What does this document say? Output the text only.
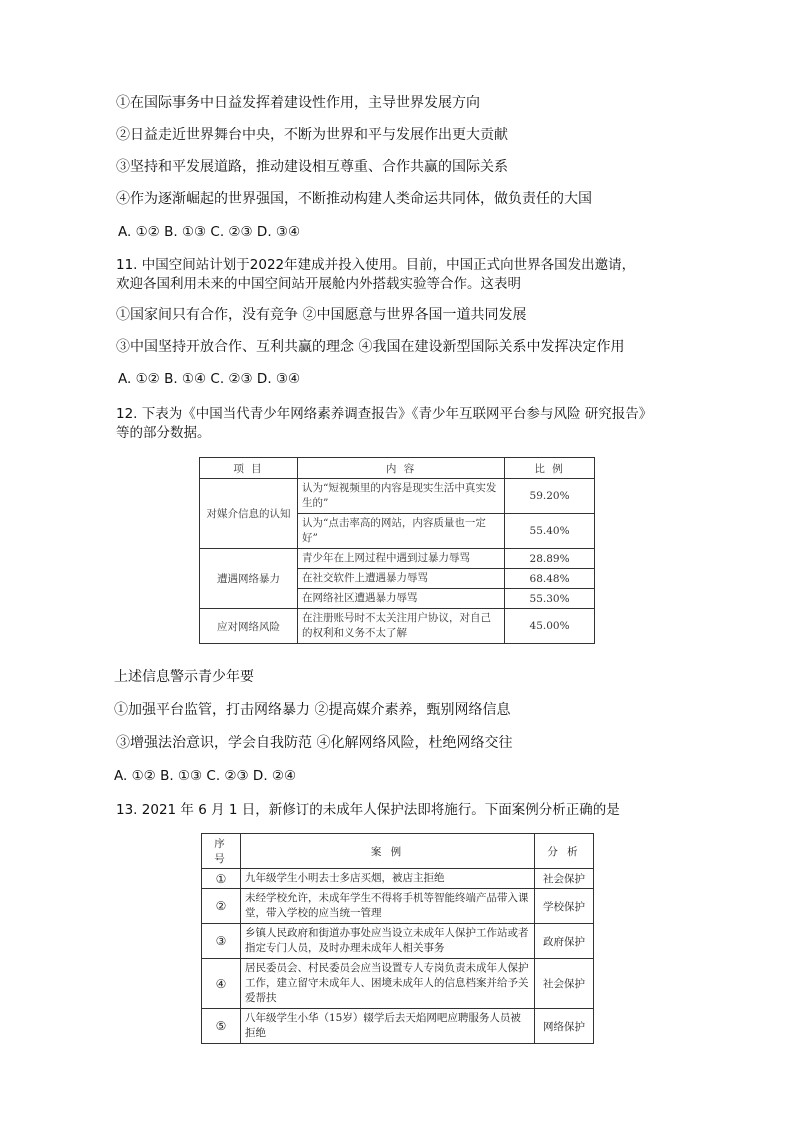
①在国际事务中日益发挥着建设性作用，主导世界发展方向
②日益走近世界舞台中央，不断为世界和平与发展作出更大贡献
③坚持和平发展道路，推动建设相互尊重、合作共赢的国际关系
④作为逐渐崛起的世界强国，不断推动构建人类命运共同体，做负责任的大国
A. ①② B. ①③ C. ②③ D. ③④
11. 中国空间站计划于2022年建成并投入使用。目前，中国正式向世界各国发出邀请，
欢迎各国利用未来的中国空间站开展舱内外搭载实验等合作。这表明
①国家间只有合作，没有竞争 ②中国愿意与世界各国一道共同发展
③中国坚持开放合作、互利共赢的理念 ④我国在建设新型国际关系中发挥决定作用
A. ①② B. ①④ C. ②③ D. ③④
12. 下表为《中国当代青少年网络素养调查报告》《青少年互联网平台参与风险 研究报告》
等的部分数据。
项 目	内 容	比 例
对媒介信息的认知	认为“短视频里的内容是现实生活中真实发生的”	59.20%
	认为“点击率高的网站，内容质量也一定好”	55.40%
遭遇网络暴力	青少年在上网过程中遇到过暴力辱骂	28.89%
	在社交软件上遭遇暴力辱骂	68.48%
	在网络社区遭遇暴力辱骂	55.30%
应对网络风险	在注册账号时不太关注用户协议，对自己的权利和义务不太了解	45.00%
上述信息警示青少年要
①加强平台监管，打击网络暴力 ②提高媒介素养，甄别网络信息
③增强法治意识，学会自我防范 ④化解网络风险，杜绝网络交往
A. ①② B. ①③ C. ②③ D. ②④
13. 2021 年 6 月 1 日，新修订的未成年人保护法即将施行。下面案例分析正确的是
序 号	案 例	分 析
①	九年级学生小明去士多店买烟，被店主拒绝	社会保护
②	未经学校允许，未成年学生不得将手机等智能终端产品带入课堂，带入学校的应当统一管理	学校保护
③	乡镇人民政府和街道办事处应当设立未成年人保护工作站或者指定专门人员，及时办理未成年人相关事务	政府保护
④	居民委员会、村民委员会应当设置专人专岗负责未成年人保护工作，建立留守未成年人、困境未成年人的信息档案并给予关爱帮扶	社会保护
⑤	八年级学生小华（15岁）辍学后去天焰网吧应聘服务人员被拒绝	网络保护
